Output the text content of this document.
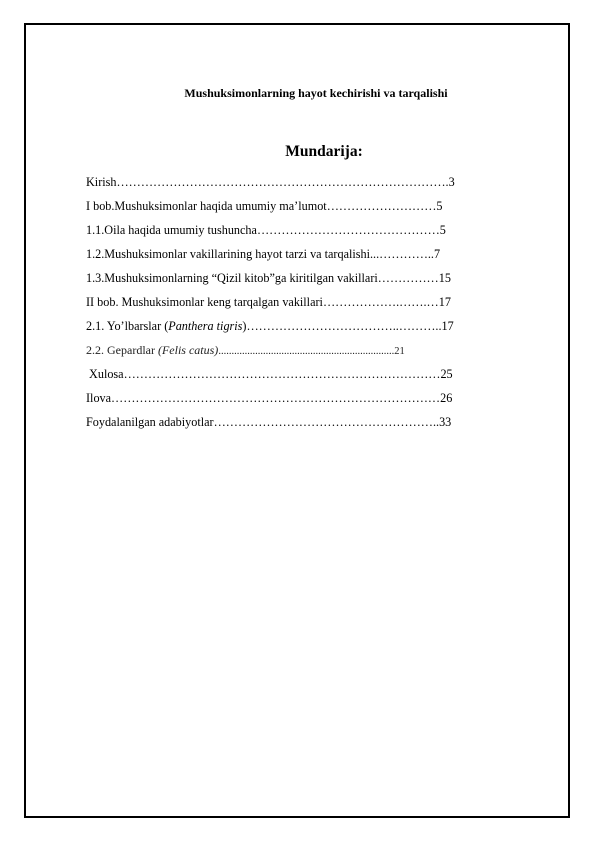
Mushuksimonlarning hayot kechirishi va tarqalishi
Mundarija:
Kirish……………………………………………………………………….3
I bob.Mushuksimonlar haqida umumiy ma’lumot………………………5
1.1.Oila haqida umumiy tushuncha………………………………………5
1.2.Mushuksimonlar vakillarining hayot tarzi va tarqalishi...…………..7
1.3.Mushuksimonlarning “Qizil kitob”ga kiritilgan vakillari……………15
II bob. Mushuksimonlar keng tarqalgan vakillari……………….…….…17
2.1. Yo’lbarslar (Panthera tigris)………………………………..………..17
2.2. Gepardlar (Felis catus)...................................................................21
Xulosa……………………………………………………………………25
Ilova………………………………………………………………………26
Foydalanilgan adabiyotlar………………………………………………..33
